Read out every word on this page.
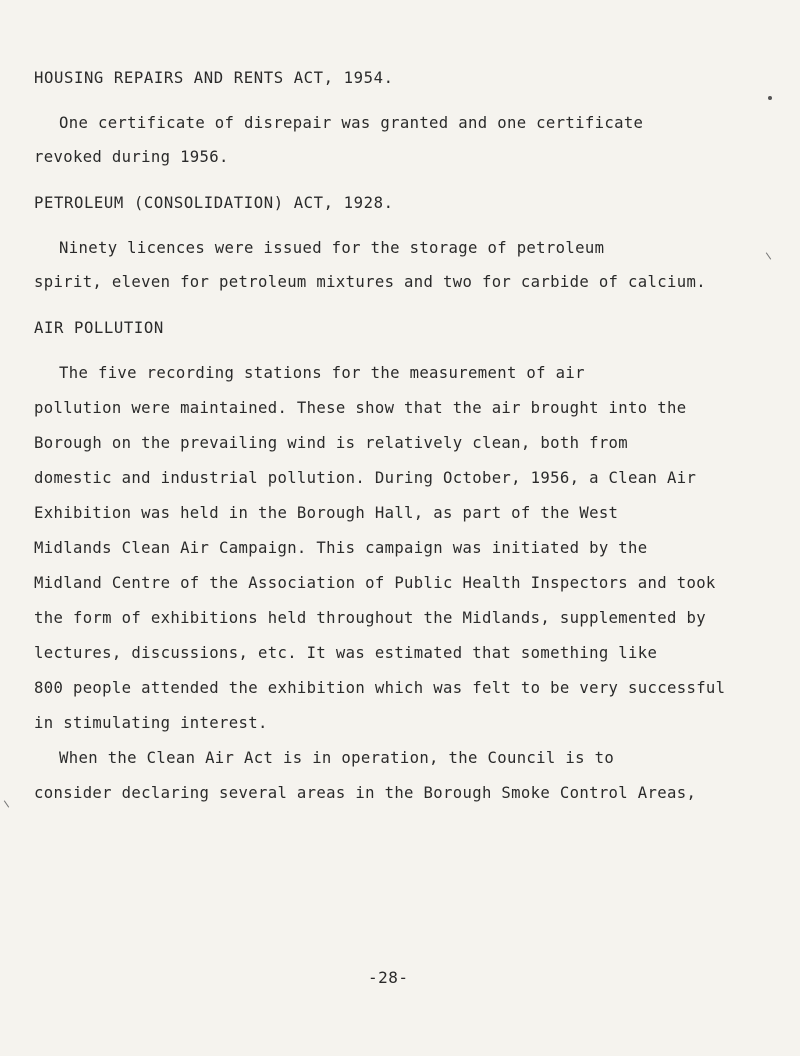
HOUSING REPAIRS AND RENTS ACT, 1954.
One certificate of disrepair was granted and one certificate
revoked during 1956.
PETROLEUM (CONSOLIDATION) ACT, 1928.
Ninety licences were issued for the storage of petroleum
spirit, eleven for petroleum mixtures and two for carbide of calcium.
AIR POLLUTION
The five recording stations for the measurement of air
pollution were maintained. These show that the air brought into the
Borough on the prevailing wind is relatively clean, both from
domestic and industrial pollution. During October, 1956, a Clean Air
Exhibition was held in the Borough Hall, as part of the West
Midlands Clean Air Campaign. This campaign was initiated by the
Midland Centre of the Association of Public Health Inspectors and took
the form of exhibitions held throughout the Midlands, supplemented by
lectures, discussions, etc. It was estimated that something like
800 people attended the exhibition which was felt to be very successful
in stimulating interest.
When the Clean Air Act is in operation, the Council is to
consider declaring several areas in the Borough Smoke Control Areas,
-28-
